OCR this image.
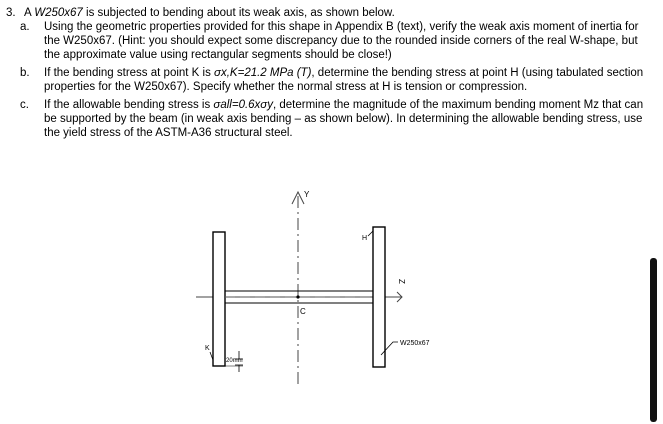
3. A W250x67 is subjected to bending about its weak axis, as shown below.
a.	Using the geometric properties provided for this shape in Appendix B (text), verify the weak axis moment of inertia for the W250x67. (Hint: you should expect some discrepancy due to the rounded inside corners of the real W-shape, but the approximate value using rectangular segments should be close!)
b.	If the bending stress at point K is σx,K=21.2 MPa (T), determine the bending stress at point H (using tabulated section properties for the W250x67). Specify whether the normal stress at H is tension or compression.
c.	If the allowable bending stress is σall=0.6xσy, determine the magnitude of the maximum bending moment Mz that can be supported by the beam (in weak axis bending – as shown below). In determining the allowable bending stress, use the yield stress of the ASTM-A36 structural steel.
Y
C
H
K
Z
W250x67
20mm
